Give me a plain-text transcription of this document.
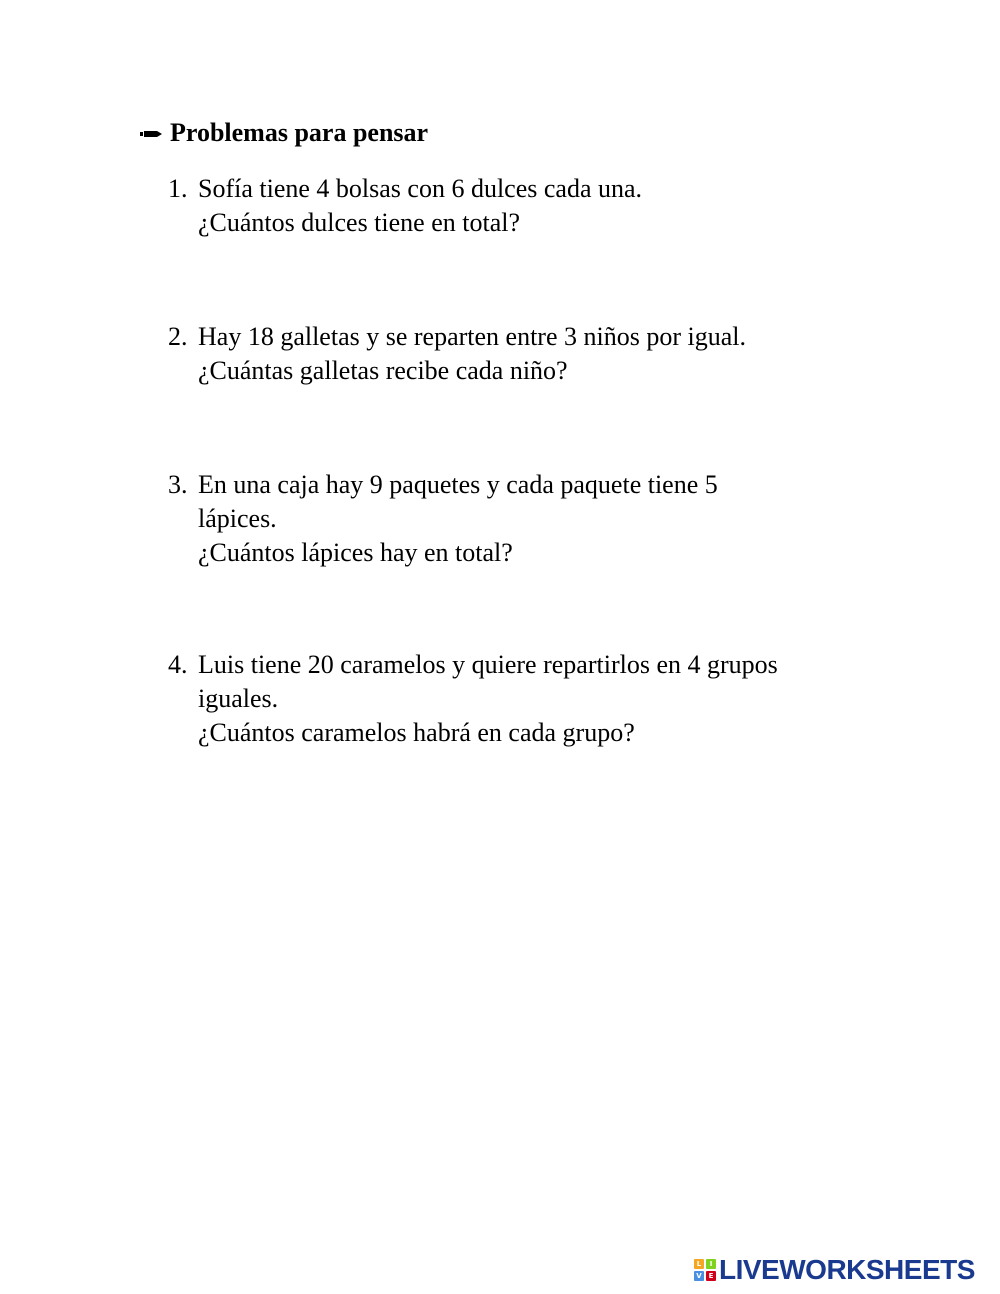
Problemas para pensar
1. Sofía tiene 4 bolsas con 6 dulces cada una.
¿Cuántos dulces tiene en total?
2. Hay 18 galletas y se reparten entre 3 niños por igual.
¿Cuántas galletas recibe cada niño?
3. En una caja hay 9 paquetes y cada paquete tiene 5
lápices.
¿Cuántos lápices hay en total?
4. Luis tiene 20 caramelos y quiere repartirlos en 4 grupos
iguales.
¿Cuántos caramelos habrá en cada grupo?
L	I
V E LIVEWORKSHEETS
